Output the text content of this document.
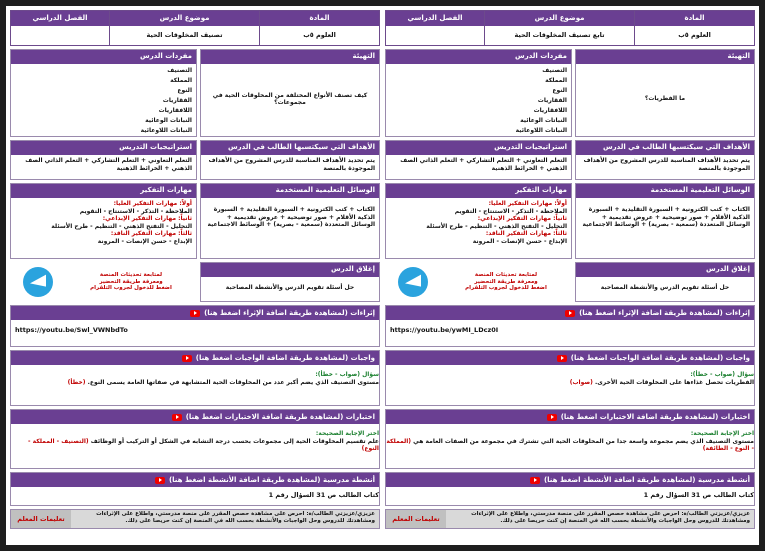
المادة
العلوم ٥ب
موضوع الدرس
تصنيف المخلوقات الحية
الفصل الدراسي
التهيئة
كيف تصنف الأنواع المختلفة من المخلوقات الحية في مجموعات؟
مفردات الدرس
التصنيف
المملكة
النوع
الفقاريات
اللافقاريات
النباتات الوعائية
النباتات اللاوعائية
الأهداف التي سيكتسبها الطالب في الدرس
يتم تحديد الأهداف المناسبة للدرس المشروح من الأهداف الموجودة بالمنصة
استراتيجيات التدريس
التعلم التعاوني + التعلم التشاركي + التعلم الذاتي الصف الذهني + الخرائط الذهنية
الوسائل التعليمية المستخدمة
الكتاب + كتب الكترونية + السبورة التقليدية + السبورة الذكية الأقلام + صور توضيحية + عروض تقديمية + الوسائل المتعددة (سمعية - بصرية) + الوسائط الاجتماعية
مهارات التفكير
أولاً: مهارات التفكير العليا:
الملاحظة - التذكر - الاستنتاج - التقويم
ثانياً: مهارات التفكير الإبداعي:
التحليل - التفتح الذهني - التنظيم - طرح الأسئلة
ثالثاً: مهارات التفكير الناقد:
الإبداع - حسن الإنصات - المرونة
إغلاق الدرس
حل أسئلة تقويم الدرس والأنشطة المصاحبة
لمتابعة تحديثات المنصة
ومعرفة طريقة التحضير
اضغط للدخول لجروب التلقرام
إثراءات (لمشاهدة طريقة اضافة الإثراء اضغط هنا)
https://youtu.be/Swl_VWNbdTo
واجبات (لمشاهدة طريقة اضافة الواجبات اضغط هنا)
سؤال (صواب - خطأ):
مستوى التصنيف الذي يضم أكبر عدد من المخلوقات الحية المتشابهة في صفاتها العامة يسمى النوع. (خطأ)
اختبارات (لمشاهدة طريقة اضافة الاختبارات اضغط هنا)
اختر الإجابة الصحيحة:
علم تقسيم المخلوقات الحية إلى مجموعات بحسب درجة التشابه في الشكل أو التركيب أو الوظائف (التصنيف - المملكة - النوع)
أنشطة مدرسية (لمشاهدة طريقة اضافة الأنشطة اضغط هنا)
كتاب الطالب ص 31 السؤال رقم 1
عزيزي/عزيزتي الطالب/ة: احرص على مشاهدة حصص المقرر على منصة مدرستي، واطلاع على الإثراءات ومشاهدتك للدروس وحل الواجبات والأنشطة بحسب الله في المنصة إن كنت حريصا على ذلك.
تعليمات المعلم
المادة
العلوم ٥ب
موضوع الدرس
تابع تصنيف المخلوقات الحية
الفصل الدراسي
التهيئة
ما الفطريات؟
مفردات الدرس
التصنيف
المملكة
النوع
الفقاريات
اللافقاريات
النباتات الوعائية
النباتات اللاوعائية
الأهداف التي سيكتسبها الطالب في الدرس
يتم تحديد الأهداف المناسبة للدرس المشروح من الأهداف الموجودة بالمنصة
استراتيجيات التدريس
التعلم التعاوني + التعلم التشاركي + التعلم الذاتي الصف الذهني + الخرائط الذهنية
الوسائل التعليمية المستخدمة
الكتاب + كتب الكترونية + السبورة التقليدية + السبورة الذكية الأقلام + صور توضيحية + عروض تقديمية + الوسائل المتعددة (سمعية - بصرية) + الوسائط الاجتماعية
مهارات التفكير
أولاً: مهارات التفكير العليا:
الملاحظة - التذكر - الاستنتاج - التقويم
ثانياً: مهارات التفكير الإبداعي:
التحليل - التفتح الذهني - التنظيم - طرح الأسئلة
ثالثاً: مهارات التفكير الناقد:
الإبداع - حسن الإنصات - المرونة
إغلاق الدرس
حل أسئلة تقويم الدرس والأنشطة المصاحبة
لمتابعة تحديثات المنصة
ومعرفة طريقة التحضير
اضغط للدخول لجروب التلقرام
إثراءات (لمشاهدة طريقة اضافة الإثراء اضغط هنا)
https://youtu.be/ywMI_LDcz0I
واجبات (لمشاهدة طريقة اضافة الواجبات اضغط هنا)
سؤال (صواب - خطأ):
الفطريات تحصل غذاءها على المخلوقات الحية الأخرى. (صواب)
اختبارات (لمشاهدة طريقة اضافة الاختبارات اضغط هنا)
اختر الإجابة الصحيحة:
مستوى التصنيف الذي يضم مجموعة واسعة جدا من المخلوقات الحية التي تشترك في مجموعة من الصفات العامة هي (المملكة - النوع - الطائفة)
أنشطة مدرسية (لمشاهدة طريقة اضافة الأنشطة اضغط هنا)
كتاب الطالب ص 31 السؤال رقم 1
عزيزي/عزيزتي الطالب/ة: احرص على مشاهدة حصص المقرر على منصة مدرستي، واطلاع على الإثراءات ومشاهدتك للدروس وحل الواجبات والأنشطة بحسب الله في المنصة إن كنت حريصا على ذلك.
تعليمات المعلم
